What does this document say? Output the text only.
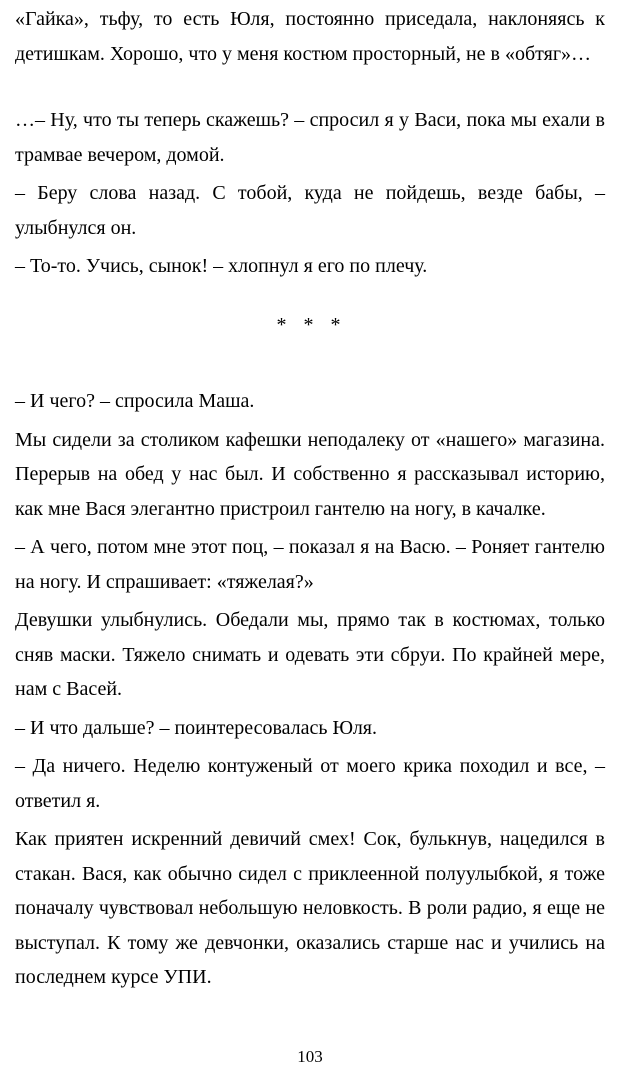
«Гайка», тьфу, то есть Юля, постоянно приседала, наклоняясь к детишкам. Хорошо, что у меня костюм просторный, не в «обтяг»…

…– Ну, что ты теперь скажешь? – спросил я у Васи, пока мы ехали в трамвае вечером, домой.

– Беру слова назад. С тобой, куда не пойдешь, везде бабы, – улыбнулся он.

– То-то. Учись, сынок! – хлопнул я его по плечу.

* * *

– И чего? – спросила Маша.

Мы сидели за столиком кафешки неподалеку от «нашего» магазина. Перерыв на обед у нас был. И собственно я рассказывал историю, как мне Вася элегантно пристроил гантелю на ногу, в качалке.

– А чего, потом мне этот поц, – показал я на Васю. – Роняет гантелю на ногу. И спрашивает: «тяжелая?»

Девушки улыбнулись. Обедали мы, прямо так в костюмах, только сняв маски. Тяжело снимать и одевать эти сбруи. По крайней мере, нам с Васей.

– И что дальше? – поинтересовалась Юля.

– Да ничего. Неделю контуженый от моего крика походил и все, – ответил я.

Как приятен искренний девичий смех! Сок, булькнув, нацедился в стакан. Вася, как обычно сидел с приклеенной полуулыбкой, я тоже поначалу чувствовал небольшую неловкость. В роли радио, я еще не выступал. К тому же девчонки, оказались старше нас и учились на последнем курсе УПИ.

103
